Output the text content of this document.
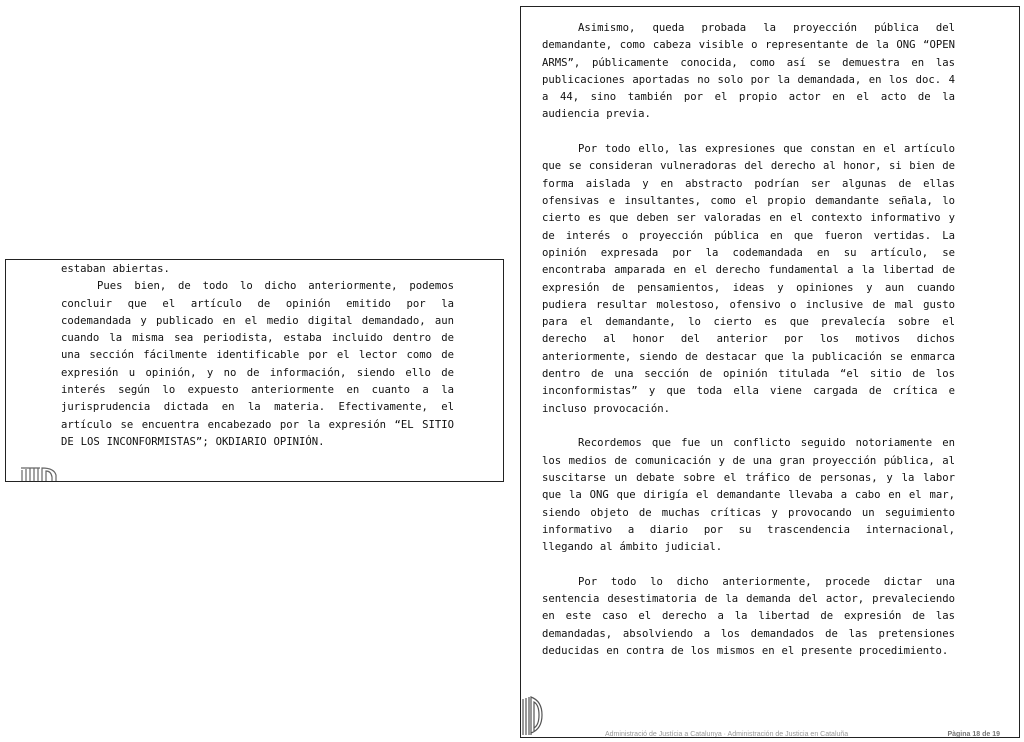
estaban abiertas.

Pues bien, de todo lo dicho anteriormente, podemos concluir que el artículo de opinión emitido por la codemandada y publicado en el medio digital demandado, aun cuando la misma sea periodista, estaba incluido dentro de una sección fácilmente identificable por el lector como de expresión u opinión, y no de información, siendo ello de interés según lo expuesto anteriormente en cuanto a la jurisprudencia dictada en la materia. Efectivamente, el artículo se encuentra encabezado por la expresión “EL SITIO DE LOS INCONFORMISTAS”; OKDIARIO OPINIÓN.

Asimismo, queda probada la proyección pública del demandante, como cabeza visible o representante de la ONG “OPEN ARMS”, públicamente conocida, como así se demuestra en las publicaciones aportadas no solo por la demandada, en los doc. 4 a 44, sino también por el propio actor en el acto de la audiencia previa.

Por todo ello, las expresiones que constan en el artículo que se consideran vulneradoras del derecho al honor, si bien de forma aislada y en abstracto podrían ser algunas de ellas ofensivas e insultantes, como el propio demandante señala, lo cierto es que deben ser valoradas en el contexto informativo y de interés o proyección pública en que fueron vertidas. La opinión expresada por la codemandada en su artículo, se encontraba amparada en el derecho fundamental a la libertad de expresión de pensamientos, ideas y opiniones y aun cuando pudiera resultar molestoso, ofensivo o inclusive de mal gusto para el demandante, lo cierto es que prevalecía sobre el derecho al honor del anterior por los motivos dichos anteriormente, siendo de destacar que la publicación se enmarca dentro de una sección de opinión titulada “el sitio de los inconformistas” y que toda ella viene cargada de crítica e incluso provocación.

Recordemos que fue un conflicto seguido notoriamente en los medios de comunicación y de una gran proyección pública, al suscitarse un debate sobre el tráfico de personas, y la labor que la ONG que dirigía el demandante llevaba a cabo en el mar, siendo objeto de muchas críticas y provocando un seguimiento informativo a diario por su trascendencia internacional, llegando al ámbito judicial.

Por todo lo dicho anteriormente, procede dictar una sentencia desestimatoria de la demanda del actor, prevaleciendo en este caso el derecho a la libertad de expresión de las demandadas, absolviendo a los demandados de las pretensiones deducidas en contra de los mismos en el presente procedimiento.

Administració de Justícia a Catalunya · Administración de Justicia en Cataluña	Pàgina 18 de 19
